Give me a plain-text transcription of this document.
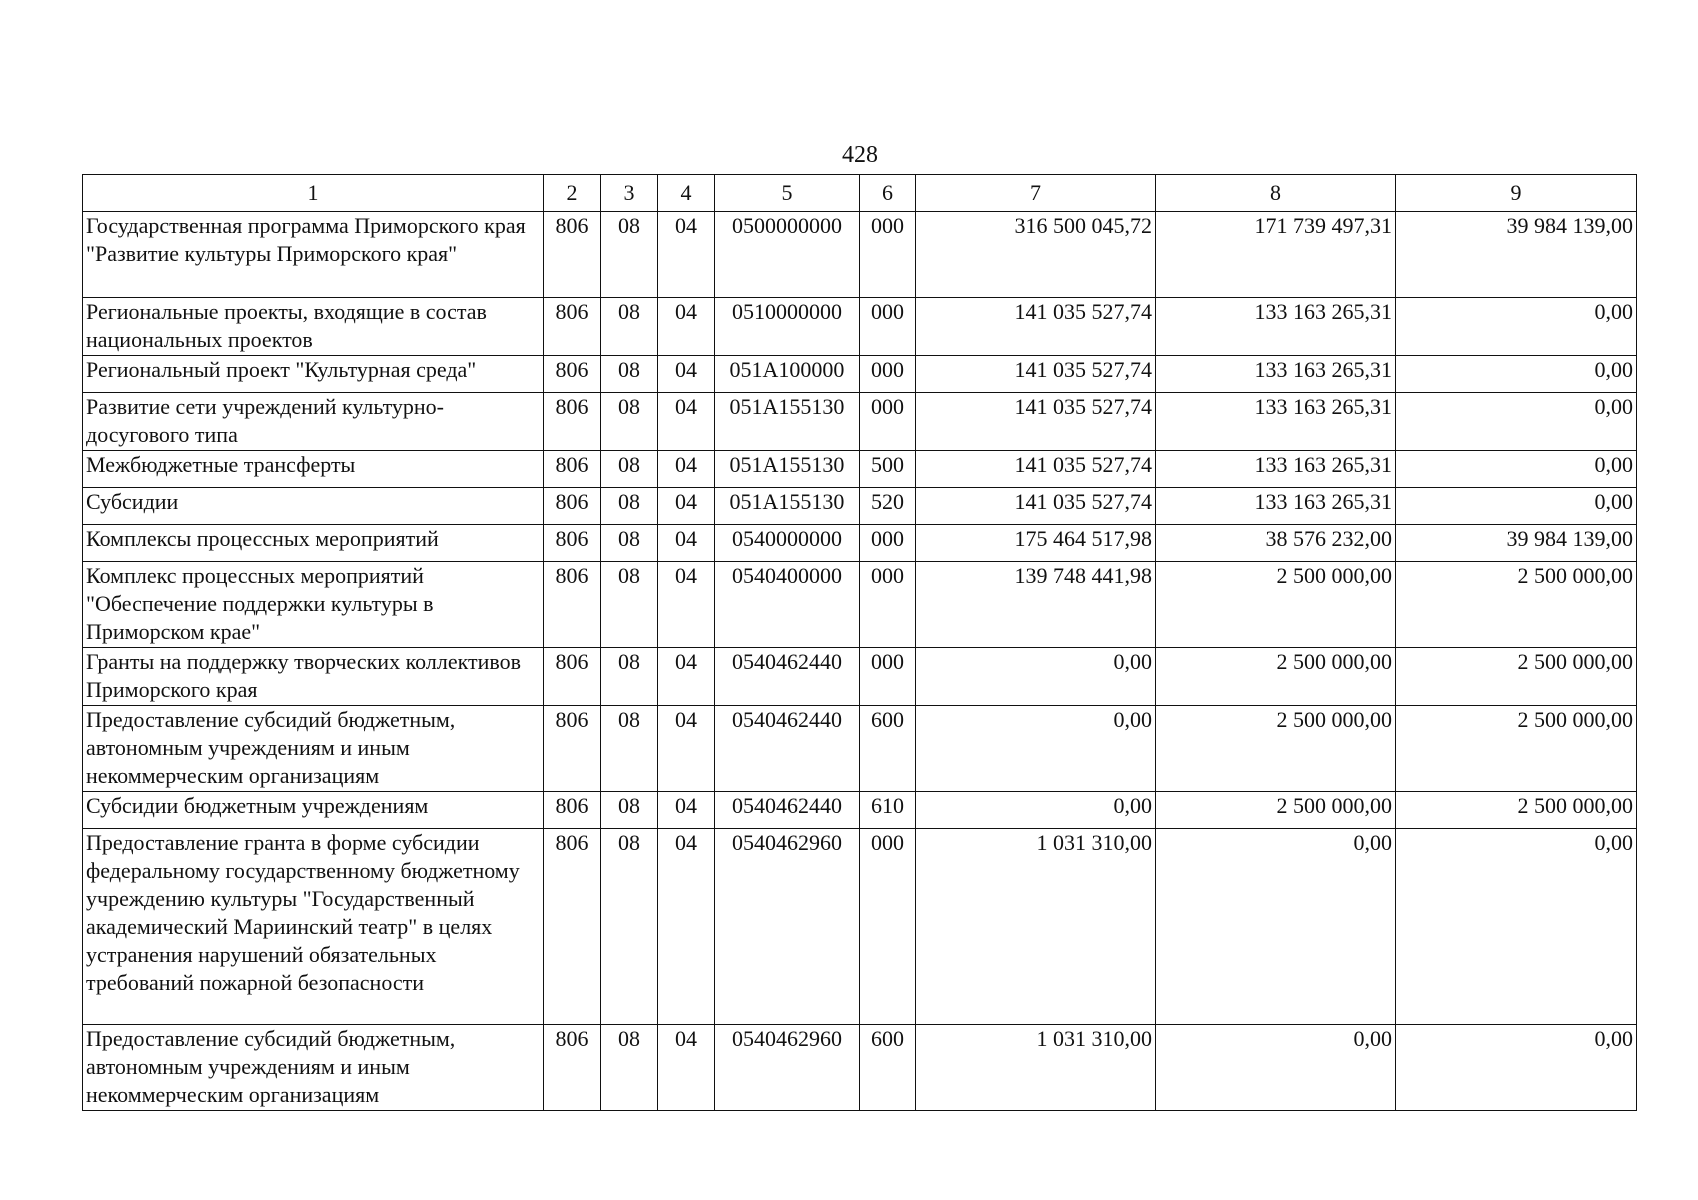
428
1	2	3	4	5	6	7	8	9
Государственная программа Приморского края "Развитие культуры Приморского края"	806	08	04	0500000000	000	316 500 045,72	171 739 497,31	39 984 139,00
Региональные проекты, входящие в состав национальных проектов	806	08	04	0510000000	000	141 035 527,74	133 163 265,31	0,00
Региональный проект "Культурная среда"	806	08	04	051A100000	000	141 035 527,74	133 163 265,31	0,00
Развитие сети учреждений культурно-досугового типа	806	08	04	051A155130	000	141 035 527,74	133 163 265,31	0,00
Межбюджетные трансферты	806	08	04	051A155130	500	141 035 527,74	133 163 265,31	0,00
Субсидии	806	08	04	051A155130	520	141 035 527,74	133 163 265,31	0,00
Комплексы процессных мероприятий	806	08	04	0540000000	000	175 464 517,98	38 576 232,00	39 984 139,00
Комплекс процессных мероприятий "Обеспечение поддержки культуры в Приморском крае"	806	08	04	0540400000	000	139 748 441,98	2 500 000,00	2 500 000,00
Гранты на поддержку творческих коллективов Приморского края	806	08	04	0540462440	000	0,00	2 500 000,00	2 500 000,00
Предоставление субсидий бюджетным, автономным учреждениям и иным некоммерческим организациям	806	08	04	0540462440	600	0,00	2 500 000,00	2 500 000,00
Субсидии бюджетным учреждениям	806	08	04	0540462440	610	0,00	2 500 000,00	2 500 000,00
Предоставление гранта в форме субсидии федеральному государственному бюджетному учреждению культуры "Государственный академический Мариинский театр" в целях устранения нарушений обязательных требований пожарной безопасности	806	08	04	0540462960	000	1 031 310,00	0,00	0,00
Предоставление субсидий бюджетным, автономным учреждениям и иным некоммерческим организациям	806	08	04	0540462960	600	1 031 310,00	0,00	0,00
